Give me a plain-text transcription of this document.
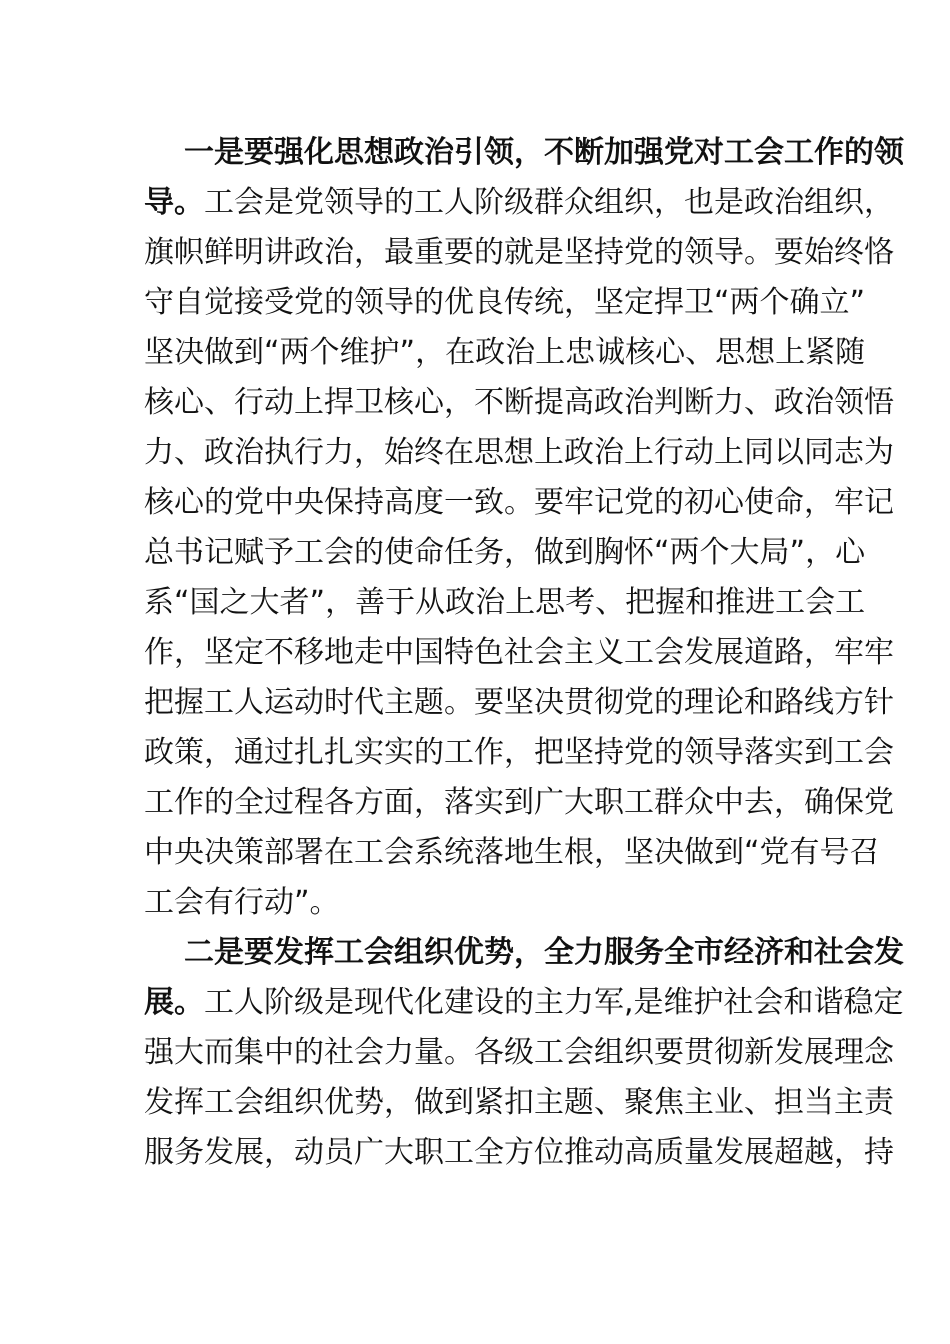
一是要强化思想政治引领，不断加强党对工会工作的领
导。工会是党领导的工人阶级群众组织，也是政治组织，
旗帜鲜明讲政治，最重要的就是坚持党的领导。要始终恪
守自觉接受党的领导的优良传统，坚定捍卫“两个确立”
坚决做到“两个维护”，在政治上忠诚核心、思想上紧随
核心、行动上捍卫核心，不断提高政治判断力、政治领悟
力、政治执行力，始终在思想上政治上行动上同以同志为
核心的党中央保持高度一致。要牢记党的初心使命，牢记
总书记赋予工会的使命任务，做到胸怀“两个大局”，心
系“国之大者”，善于从政治上思考、把握和推进工会工
作，坚定不移地走中国特色社会主义工会发展道路，牢牢
把握工人运动时代主题。要坚决贯彻党的理论和路线方针
政策，通过扎扎实实的工作，把坚持党的领导落实到工会
工作的全过程各方面，落实到广大职工群众中去，确保党
中央决策部署在工会系统落地生根，坚决做到“党有号召
工会有行动”。
二是要发挥工会组织优势，全力服务全市经济和社会发
展。工人阶级是现代化建设的主力军,是维护社会和谐稳定
强大而集中的社会力量。各级工会组织要贯彻新发展理念
发挥工会组织优势，做到紧扣主题、聚焦主业、担当主责
服务发展，动员广大职工全方位推动高质量发展超越，持
